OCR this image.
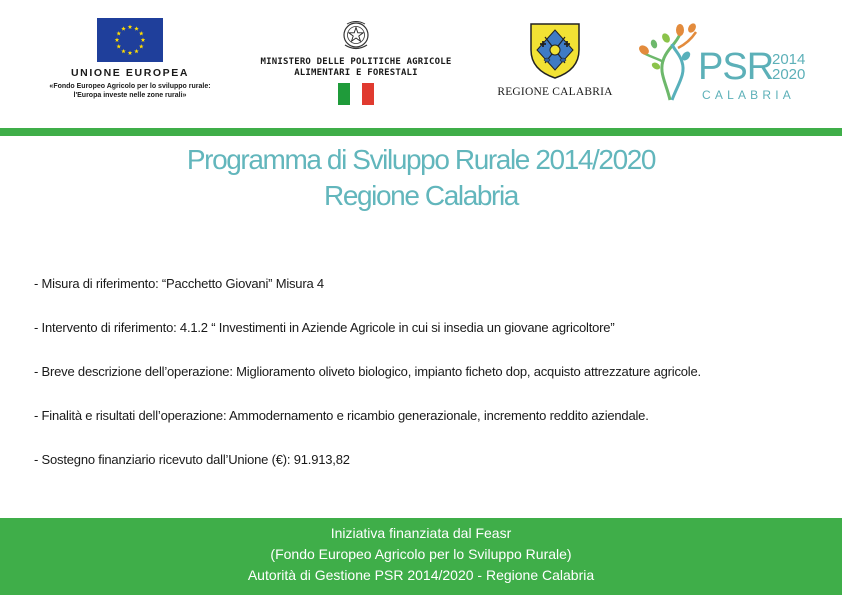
UNIONE EUROPEA
«Fondo Europeo Agricolo per lo sviluppo rurale:
l'Europa investe nelle zone rurali»
MINISTERO DELLE POLITICHE AGRICOLE
ALIMENTARI E FORESTALI
REGIONE CALABRIA
PSR
2014
2020
CALABRIA
Programma di Sviluppo Rurale 2014/2020
Regione Calabria
- Misura di riferimento: “Pacchetto Giovani” Misura 4
- Intervento di riferimento: 4.1.2 “ Investimenti in Aziende Agricole in cui si insedia un giovane agricoltore”
- Breve descrizione dell’operazione: Miglioramento oliveto biologico, impianto ficheto dop, acquisto attrezzature agricole.
- Finalità e risultati dell’operazione: Ammodernamento e ricambio generazionale, incremento reddito aziendale.
- Sostegno finanziario ricevuto dall’Unione (€): 91.913,82
Iniziativa finanziata dal Feasr
(Fondo Europeo Agricolo per lo Sviluppo Rurale)
Autorità di Gestione PSR 2014/2020 - Regione Calabria
